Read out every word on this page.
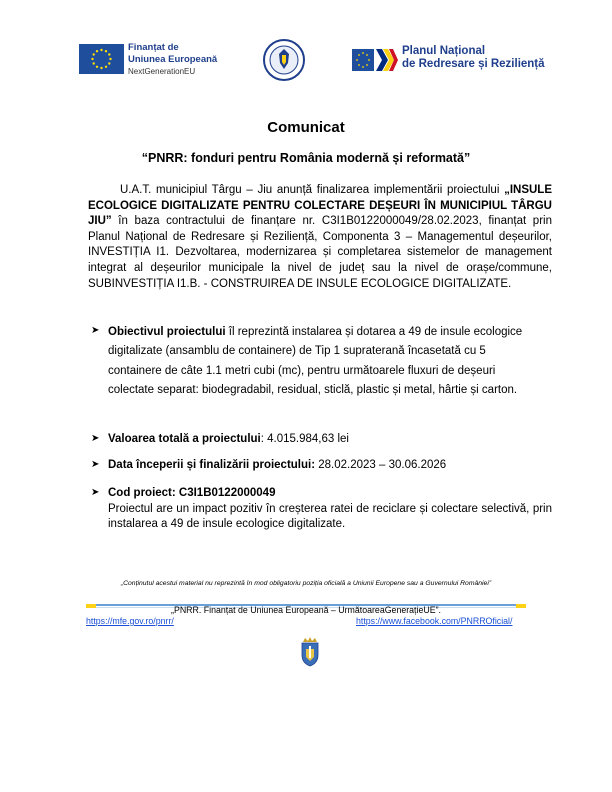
Finanțat de
Uniunea Europeană
NextGenerationEU
Planul Național
de Redresare și Reziliență
Comunicat
“PNRR: fonduri pentru România modernă și reformată”
U.A.T. municipiul Târgu – Jiu anunță finalizarea implementării proiectului „INSULE ECOLOGICE DIGITALIZATE PENTRU COLECTARE DEȘEURI ÎN MUNICIPIUL TÂRGU JIU” în baza contractului de finanțare nr. C3I1B0122000049/28.02.2023, finanțat prin Planul Național de Redresare și Reziliență, Componenta 3 – Managementul deșeurilor, INVESTIȚIA I1. Dezvoltarea, modernizarea și completarea sistemelor de management integrat al deșeurilor municipale la nivel de județ sau la nivel de orașe/commune, SUBINVESTIȚIA I1.B. - CONSTRUIREA DE INSULE ECOLOGICE DIGITALIZATE.
➤ Obiectivul proiectului îl reprezintă instalarea și dotarea a 49 de insule ecologice digitalizate (ansamblu de containere) de Tip 1 supraterană încasetată cu 5 containere de câte 1.1 metri cubi (mc), pentru următoarele fluxuri de deșeuri colectate separat: biodegradabil, residual, sticlă, plastic și metal, hârtie și carton.
➤ Valoarea totală a proiectului: 4.015.984,63 lei
➤ Data începerii și finalizării proiectului: 28.02.2023 – 30.06.2026
➤ Cod proiect: C3I1B0122000049
Proiectul are un impact pozitiv în creșterea ratei de reciclare și colectare selectivă, prin instalarea a 49 de insule ecologice digitalizate.
„Conținutul acestui material nu reprezintă în mod obligatoriu poziția oficială a Uniunii Europene sau a Guvernului României”
„PNRR. Finanțat de Uniunea Europeană – UrmătoareaGenerațieUE”.
https://mfe.gov.ro/pnrr/	https://www.facebook.com/PNRROficial/
